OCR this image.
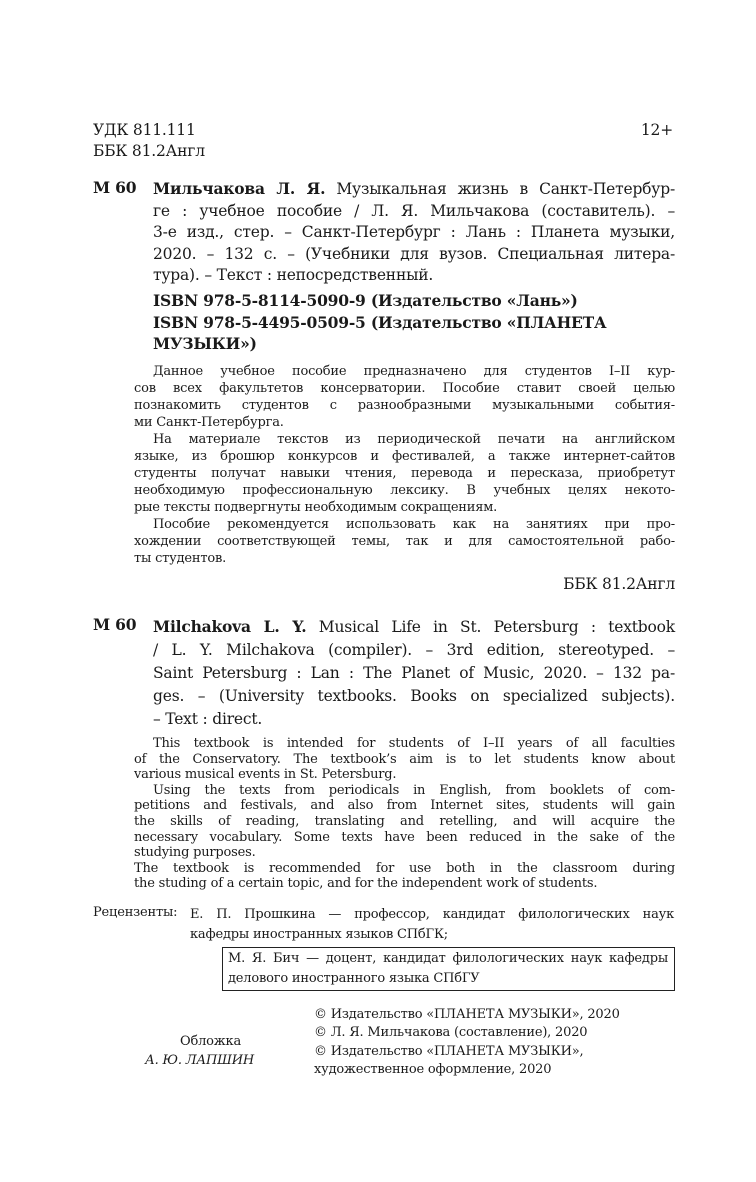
УДК 811.111
ББК 81.2Англ
12+
М 60 Мильчакова Л. Я. Музыкальная жизнь в Санкт-Петербур-
ге : учебное пособие / Л. Я. Мильчакова (составитель). –
3-е изд., стер. – Санкт-Петербург : Лань : Планета музыки,
2020. – 132 с. – (Учебники для вузов. Специальная литера-
тура). – Текст : непосредственный.
ISBN 978-5-8114-5090-9 (Издательство «Лань»)
ISBN 978-5-4495-0509-5 (Издательство «ПЛАНЕТА
МУЗЫКИ»)
Данное учебное пособие предназначено для студентов I–II кур-
сов всех факультетов консерватории. Пособие ставит своей целью
познакомить студентов с разнообразными музыкальными события-
ми Санкт-Петербурга.
На материале текстов из периодической печати на английском
языке, из брошюр конкурсов и фестивалей, а также интернет-сайтов
студенты получат навыки чтения, перевода и пересказа, приобретут
необходимую профессиональную лексику. В учебных целях некото-
рые тексты подвергнуты необходимым сокращениям.
Пособие рекомендуется использовать как на занятиях при про-
хождении соответствующей темы, так и для самостоятельной рабо-
ты студентов.
ББК 81.2Англ
М 60 Milchakova L. Y. Musical Life in St. Petersburg : textbook
/ L. Y. Milchakova (compiler). – 3rd edition, stereotyped. –
Saint Petersburg : Lan : The Planet of Music, 2020. – 132 pa-
ges. – (University textbooks. Books on specialized subjects).
– Text : direct.
This textbook is intended for students of I–II years of all faculties
of the Conservatory. The textbook’s aim is to let students know about
various musical events in St. Petersburg.
Using the texts from periodicals in English, from booklets of com-
petitions and festivals, and also from Internet sites, students will gain
the skills of reading, translating and retelling, and will acquire the
necessary vocabulary. Some texts have been reduced in the sake of the
studying purposes.
The textbook is recommended for use both in the classroom during
the studing of a certain topic, and for the independent work of students.
Рецензенты: Е. П. Прошкина — профессор, кандидат филологических наук
кафедры иностранных языков СПбГК;
М. Я. Бич — доцент, кандидат филологических наук кафедры
делового иностранного языка СПбГУ
Обложка
А. Ю. ЛАПШИН
© Издательство «ПЛАНЕТА МУЗЫКИ», 2020
© Л. Я. Мильчакова (составление), 2020
© Издательство «ПЛАНЕТА МУЗЫКИ»,
художественное оформление, 2020
